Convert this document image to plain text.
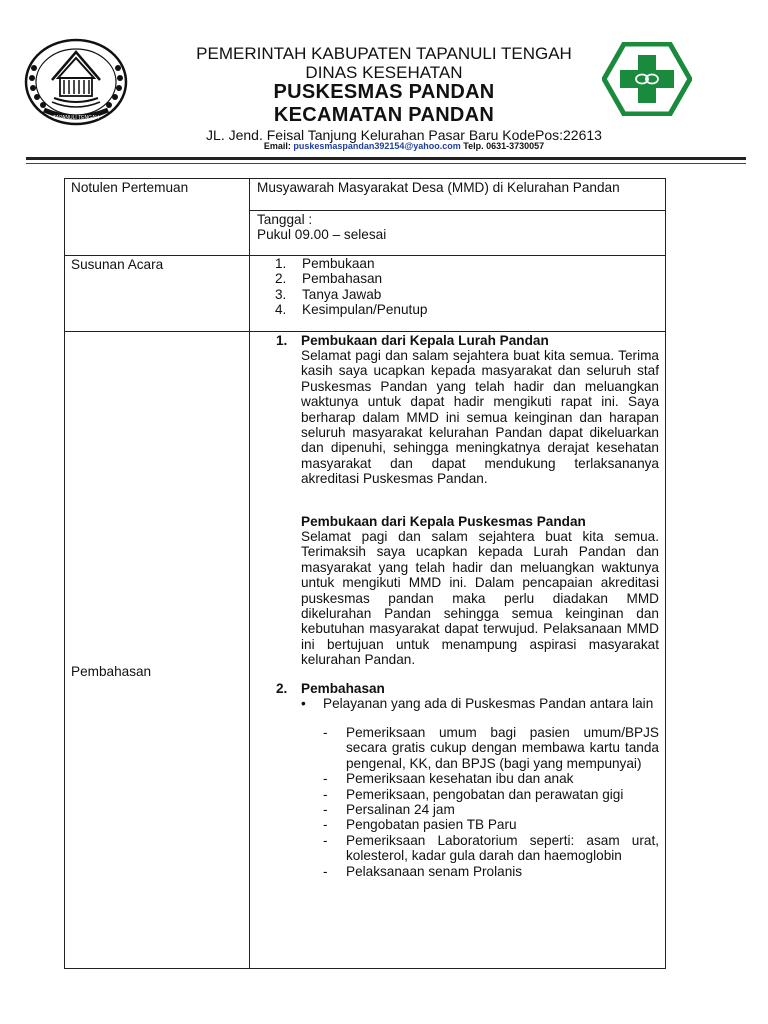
TAPANULI TENGAH
PEMERINTAH KABUPATEN TAPANULI TENGAH
DINAS KESEHATAN
PUSKESMAS PANDAN
KECAMATAN PANDAN
JL. Jend. Feisal Tanjung Kelurahan Pasar Baru KodePos:22613
Email: puskesmaspandan392154@yahoo.com Telp. 0631-3730057
Notulen Pertemuan	Musyawarah Masyarakat Desa (MMD) di Kelurahan Pandan
Tanggal :
Pukul 09.00 – selesai
Susunan Acara	1.	Pembukaan
2.	Pembahasan
3.	Tanya Jawab
4.	Kesimpulan/Penutup
Pembahasan
1. Pembukaan dari Kepala Lurah Pandan
Selamat pagi dan salam sejahtera buat kita semua. Terima kasih saya ucapkan kepada masyarakat dan seluruh staf Puskesmas Pandan yang telah hadir dan meluangkan waktunya untuk dapat hadir mengikuti rapat ini. Saya berharap dalam MMD ini semua keinginan dan harapan seluruh masyarakat kelurahan Pandan dapat dikeluarkan dan dipenuhi, sehingga meningkatnya derajat kesehatan masyarakat dan dapat mendukung terlaksananya akreditasi Puskesmas Pandan.
Pembukaan dari Kepala Puskesmas Pandan
Selamat pagi dan salam sejahtera buat kita semua. Terimaksih saya ucapkan kepada Lurah Pandan dan masyarakat yang telah hadir dan meluangkan waktunya untuk mengikuti MMD ini. Dalam pencapaian akreditasi puskesmas pandan maka perlu diadakan MMD dikelurahan Pandan sehingga semua keinginan dan kebutuhan masyarakat dapat terwujud. Pelaksanaan MMD ini bertujuan untuk menampung aspirasi masyarakat kelurahan Pandan.
2. Pembahasan
• Pelayanan yang ada di Puskesmas Pandan antara lain
-	Pemeriksaan umum bagi pasien umum/BPJS secara gratis cukup dengan membawa kartu tanda pengenal, KK, dan BPJS (bagi yang mempunyai)
-	Pemeriksaan kesehatan ibu dan anak
-	Pemeriksaan, pengobatan dan perawatan gigi
-	Persalinan 24 jam
-	Pengobatan pasien TB Paru
-	Pemeriksaan Laboratorium seperti: asam urat, kolesterol, kadar gula darah dan haemoglobin
-	Pelaksanaan senam Prolanis
